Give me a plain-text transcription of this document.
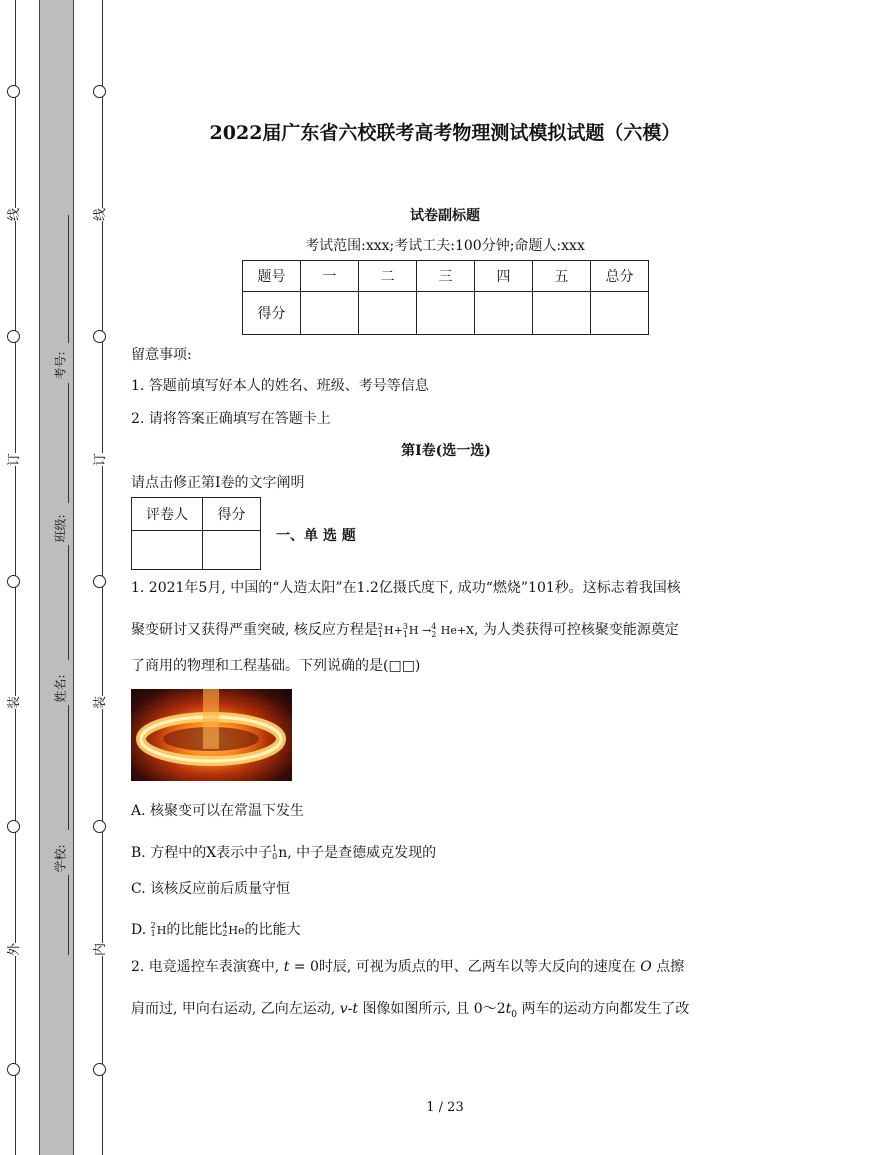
线
订
装
外
线
订
装
内
考号:
班级:
姓名:
学校:
2022届广东省六校联考高考物理测试模拟试题（六模）
试卷副标题
考试范围:xxx;考试工夫:100分钟;命题人:xxx
题号	一	二	三	四	五	总分
得分						
留意事项:
1. 答题前填写好本人的姓名、班级、考号等信息
2. 请将答案正确填写在答题卡上
第I卷(选一选)
请点击修正第I卷的文字阐明
评卷人	得分

一、单 选 题
1. 2021年5月, 中国的“人造太阳”在1.2亿摄氏度下, 成功“燃烧”101秒。这标志着我国核
聚变研讨又获得严重突破, 核反应方程是2
1H+3
1H →4
2 He+X, 为人类获得可控核聚变能源奠定
了商用的物理和工程基础。下列说确的是(□□)
A. 核聚变可以在常温下发生
B. 方程中的X表示中子1
0n, 中子是查德威克发现的
C. 该核反应前后质量守恒
D. 2
1H的比能比4
2He的比能大
2. 电竞遥控车表演赛中, t = 0时辰, 可视为质点的甲、乙两车以等大反向的速度在 O 点擦
肩而过, 甲向右运动, 乙向左运动, v-t 图像如图所示, 且 $0\sim 2t_0$ 两车的运动方向都发生了改
1 / 23
